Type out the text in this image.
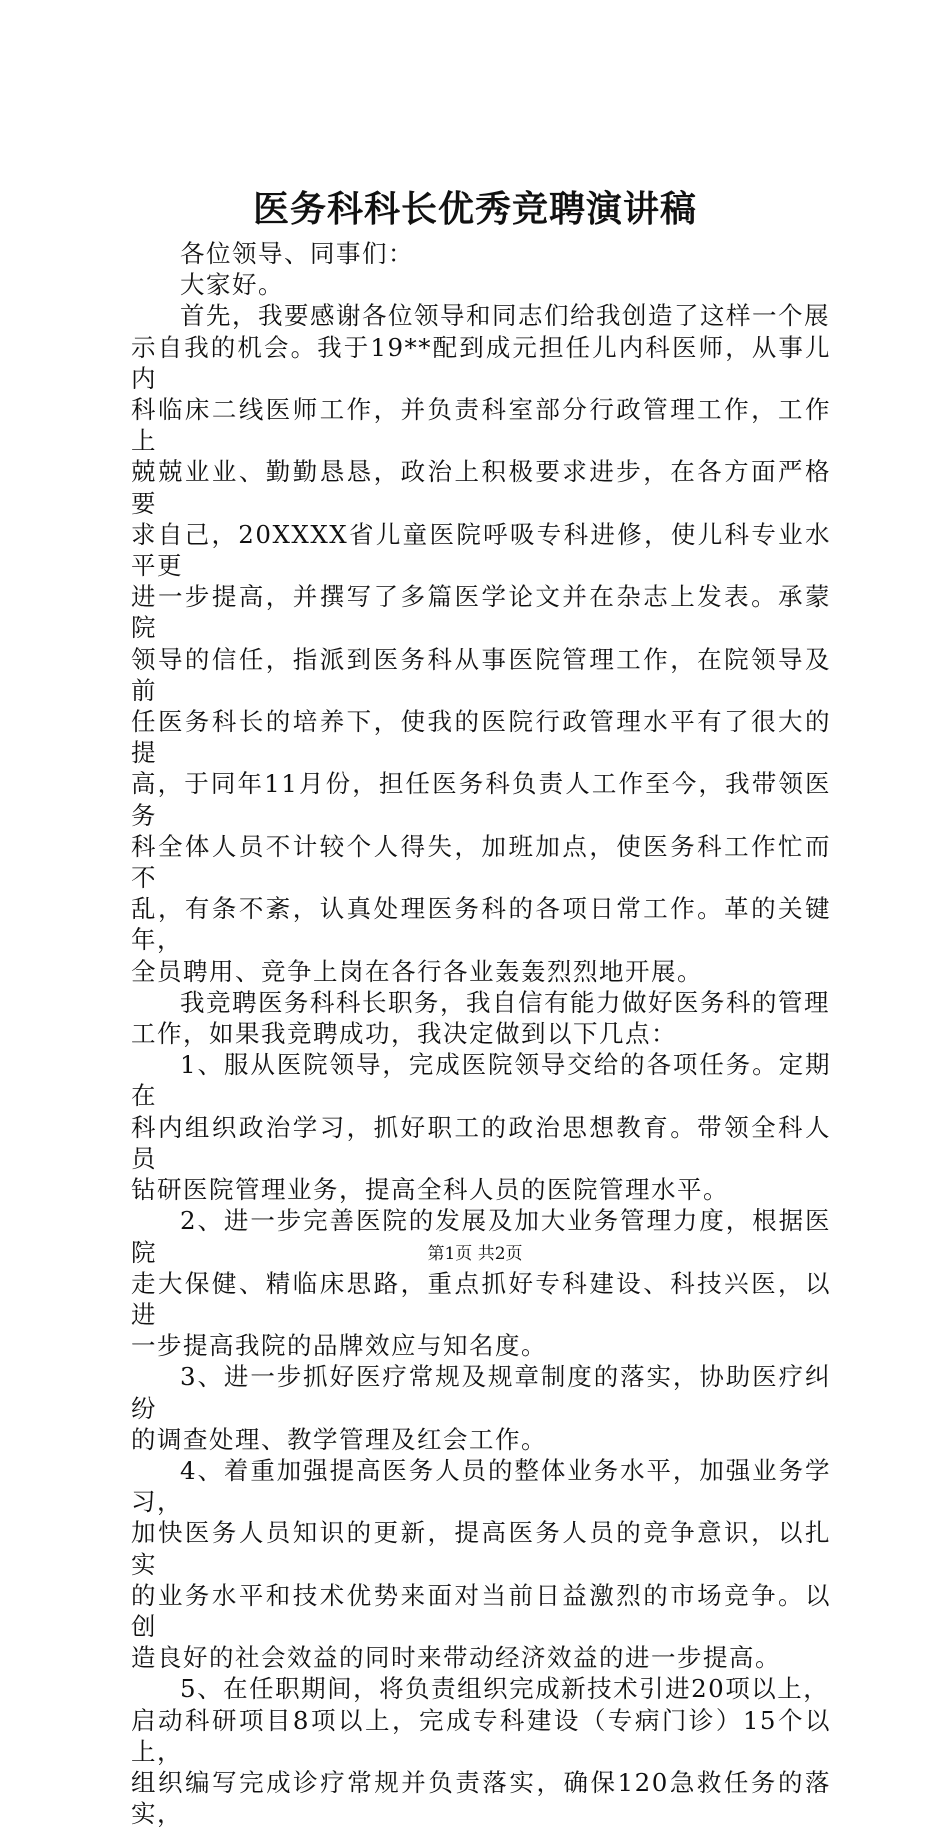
医务科科长优秀竞聘演讲稿

各位领导、同事们：

大家好。

首先，我要感谢各位领导和同志们给我创造了这样一个展
示自我的机会。我于19**配到成元担任儿内科医师，从事儿内
科临床二线医师工作，并负责科室部分行政管理工作，工作上
兢兢业业、勤勤恳恳，政治上积极要求进步，在各方面严格要
求自己，20XXXX省儿童医院呼吸专科进修，使儿科专业水平更
进一步提高，并撰写了多篇医学论文并在杂志上发表。承蒙院
领导的信任，指派到医务科从事医院管理工作，在院领导及前
任医务科长的培养下，使我的医院行政管理水平有了很大的提
高，于同年11月份，担任医务科负责人工作至今，我带领医务
科全体人员不计较个人得失，加班加点，使医务科工作忙而不
乱，有条不紊，认真处理医务科的各项日常工作。革的关键年，
全员聘用、竞争上岗在各行各业轰轰烈烈地开展。

我竞聘医务科科长职务，我自信有能力做好医务科的管理
工作，如果我竞聘成功，我决定做到以下几点：

1、服从医院领导，完成医院领导交给的各项任务。定期在
科内组织政治学习，抓好职工的政治思想教育。带领全科人员
钻研医院管理业务，提高全科人员的医院管理水平。

2、进一步完善医院的发展及加大业务管理力度，根据医院
走大保健、精临床思路，重点抓好专科建设、科技兴医，以进
一步提高我院的品牌效应与知名度。

3、进一步抓好医疗常规及规章制度的落实，协助医疗纠纷
的调查处理、教学管理及红会工作。

4、着重加强提高医务人员的整体业务水平，加强业务学习，
加快医务人员知识的更新，提高医务人员的竞争意识，以扎实
的业务水平和技术优势来面对当前日益激烈的市场竞争。以创
造良好的社会效益的同时来带动经济效益的进一步提高。

5、在任职期间，将负责组织完成新技术引进20项以上，
启动科研项目8项以上，完成专科建设（专病门诊）15个以上，
组织编写完成诊疗常规并负责落实，确保120急救任务的落实，

第1页 共2页
